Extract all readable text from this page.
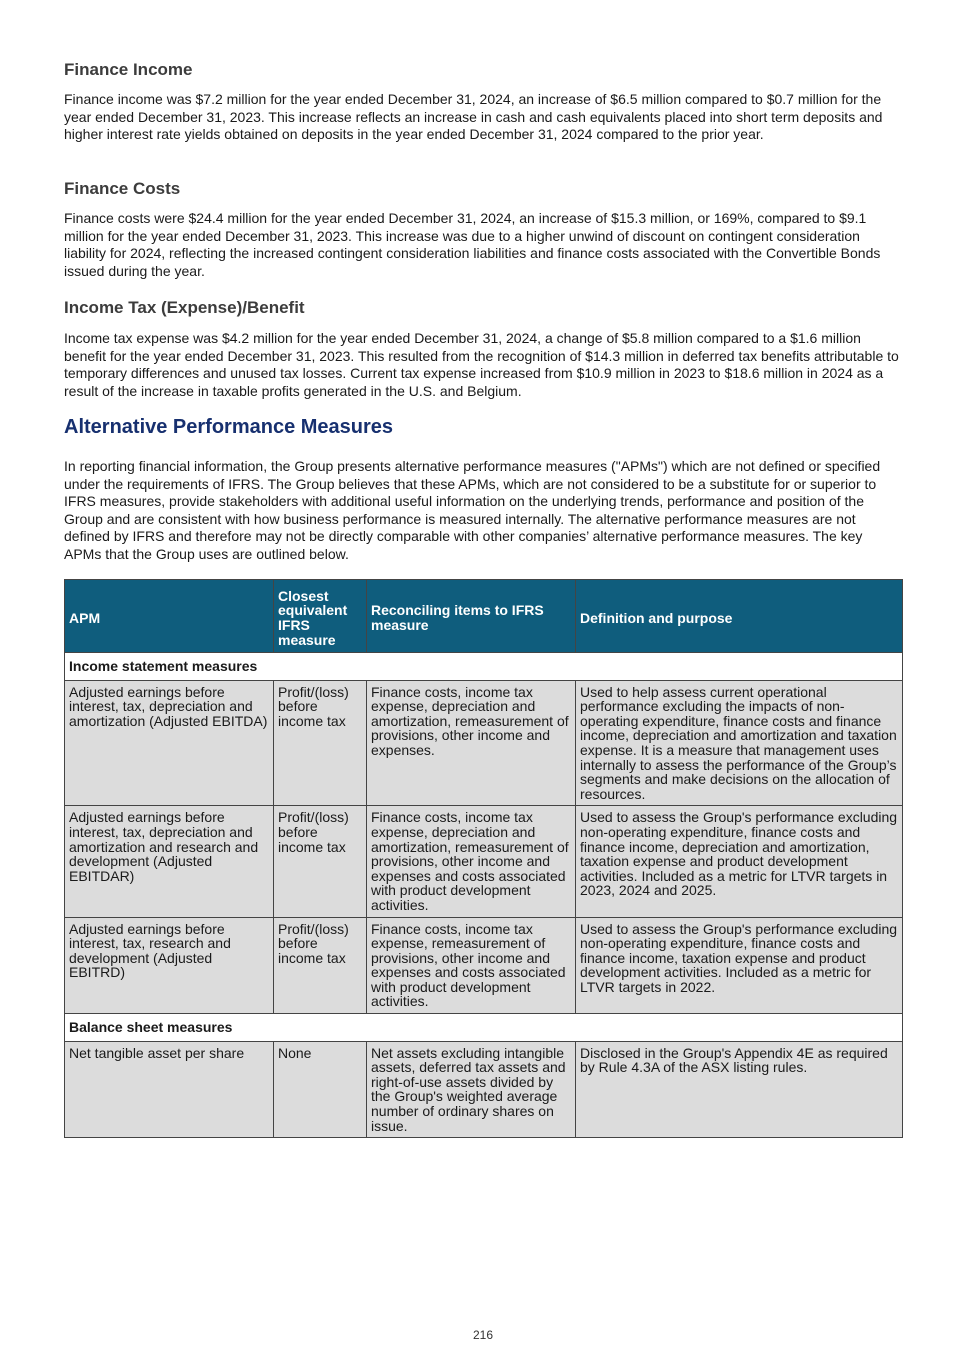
Finance Income

Finance income was $7.2 million for the year ended December 31, 2024, an increase of $6.5 million compared to $0.7 million for the year ended December 31, 2023. This increase reflects an increase in cash and cash equivalents placed into short term deposits and higher interest rate yields obtained on deposits in the year ended December 31, 2024 compared to the prior year.

Finance Costs

Finance costs were $24.4 million for the year ended December 31, 2024, an increase of $15.3 million, or 169%, compared to $9.1 million for the year ended December 31, 2023. This increase was due to a higher unwind of discount on contingent consideration liability for 2024, reflecting the increased contingent consideration liabilities and finance costs associated with the Convertible Bonds issued during the year.

Income Tax (Expense)/Benefit

Income tax expense was $4.2 million for the year ended December 31, 2024, a change of $5.8 million compared to a $1.6 million benefit for the year ended December 31, 2023. This resulted from the recognition of $14.3 million in deferred tax benefits attributable to temporary differences and unused tax losses. Current tax expense increased from $10.9 million in 2023 to $18.6 million in 2024 as a result of the increase in taxable profits generated in the U.S. and Belgium.

Alternative Performance Measures

In reporting financial information, the Group presents alternative performance measures ("APMs") which are not defined or specified under the requirements of IFRS. The Group believes that these APMs, which are not considered to be a substitute for or superior to IFRS measures, provide stakeholders with additional useful information on the underlying trends, performance and position of the Group and are consistent with how business performance is measured internally. The alternative performance measures are not defined by IFRS and therefore may not be directly comparable with other companies’ alternative performance measures. The key APMs that the Group uses are outlined below.

APM	Closest equivalent IFRS measure	Reconciling items to IFRS measure	Definition and purpose
Income statement measures			
Adjusted earnings before interest, tax, depreciation and amortization (Adjusted EBITDA)	Profit/(loss) before income tax	Finance costs, income tax expense, depreciation and amortization, remeasurement of provisions, other income and expenses.	Used to help assess current operational performance excluding the impacts of non-operating expenditure, finance costs and finance income, depreciation and amortization and taxation expense. It is a measure that management uses internally to assess the performance of the Group’s segments and make decisions on the allocation of resources.
Adjusted earnings before interest, tax, depreciation and amortization and research and development (Adjusted EBITDAR)	Profit/(loss) before income tax	Finance costs, income tax expense, depreciation and amortization, remeasurement of provisions, other income and expenses and costs associated with product development activities.	Used to assess the Group's performance excluding non-operating expenditure, finance costs and finance income, depreciation and amortization, taxation expense and product development activities. Included as a metric for LTVR targets in 2023, 2024 and 2025.
Adjusted earnings before interest, tax, research and development (Adjusted EBITRD)	Profit/(loss) before income tax	Finance costs, income tax expense, remeasurement of provisions, other income and expenses and costs associated with product development activities.	Used to assess the Group's performance excluding non-operating expenditure, finance costs and finance income, taxation expense and product development activities. Included as a metric for LTVR targets in 2022.
Balance sheet measures			
Net tangible asset per share	None	Net assets excluding intangible assets, deferred tax assets and right-of-use assets divided by the Group's weighted average number of ordinary shares on issue.	Disclosed in the Group's Appendix 4E as required by Rule 4.3A of the ASX listing rules.
216
